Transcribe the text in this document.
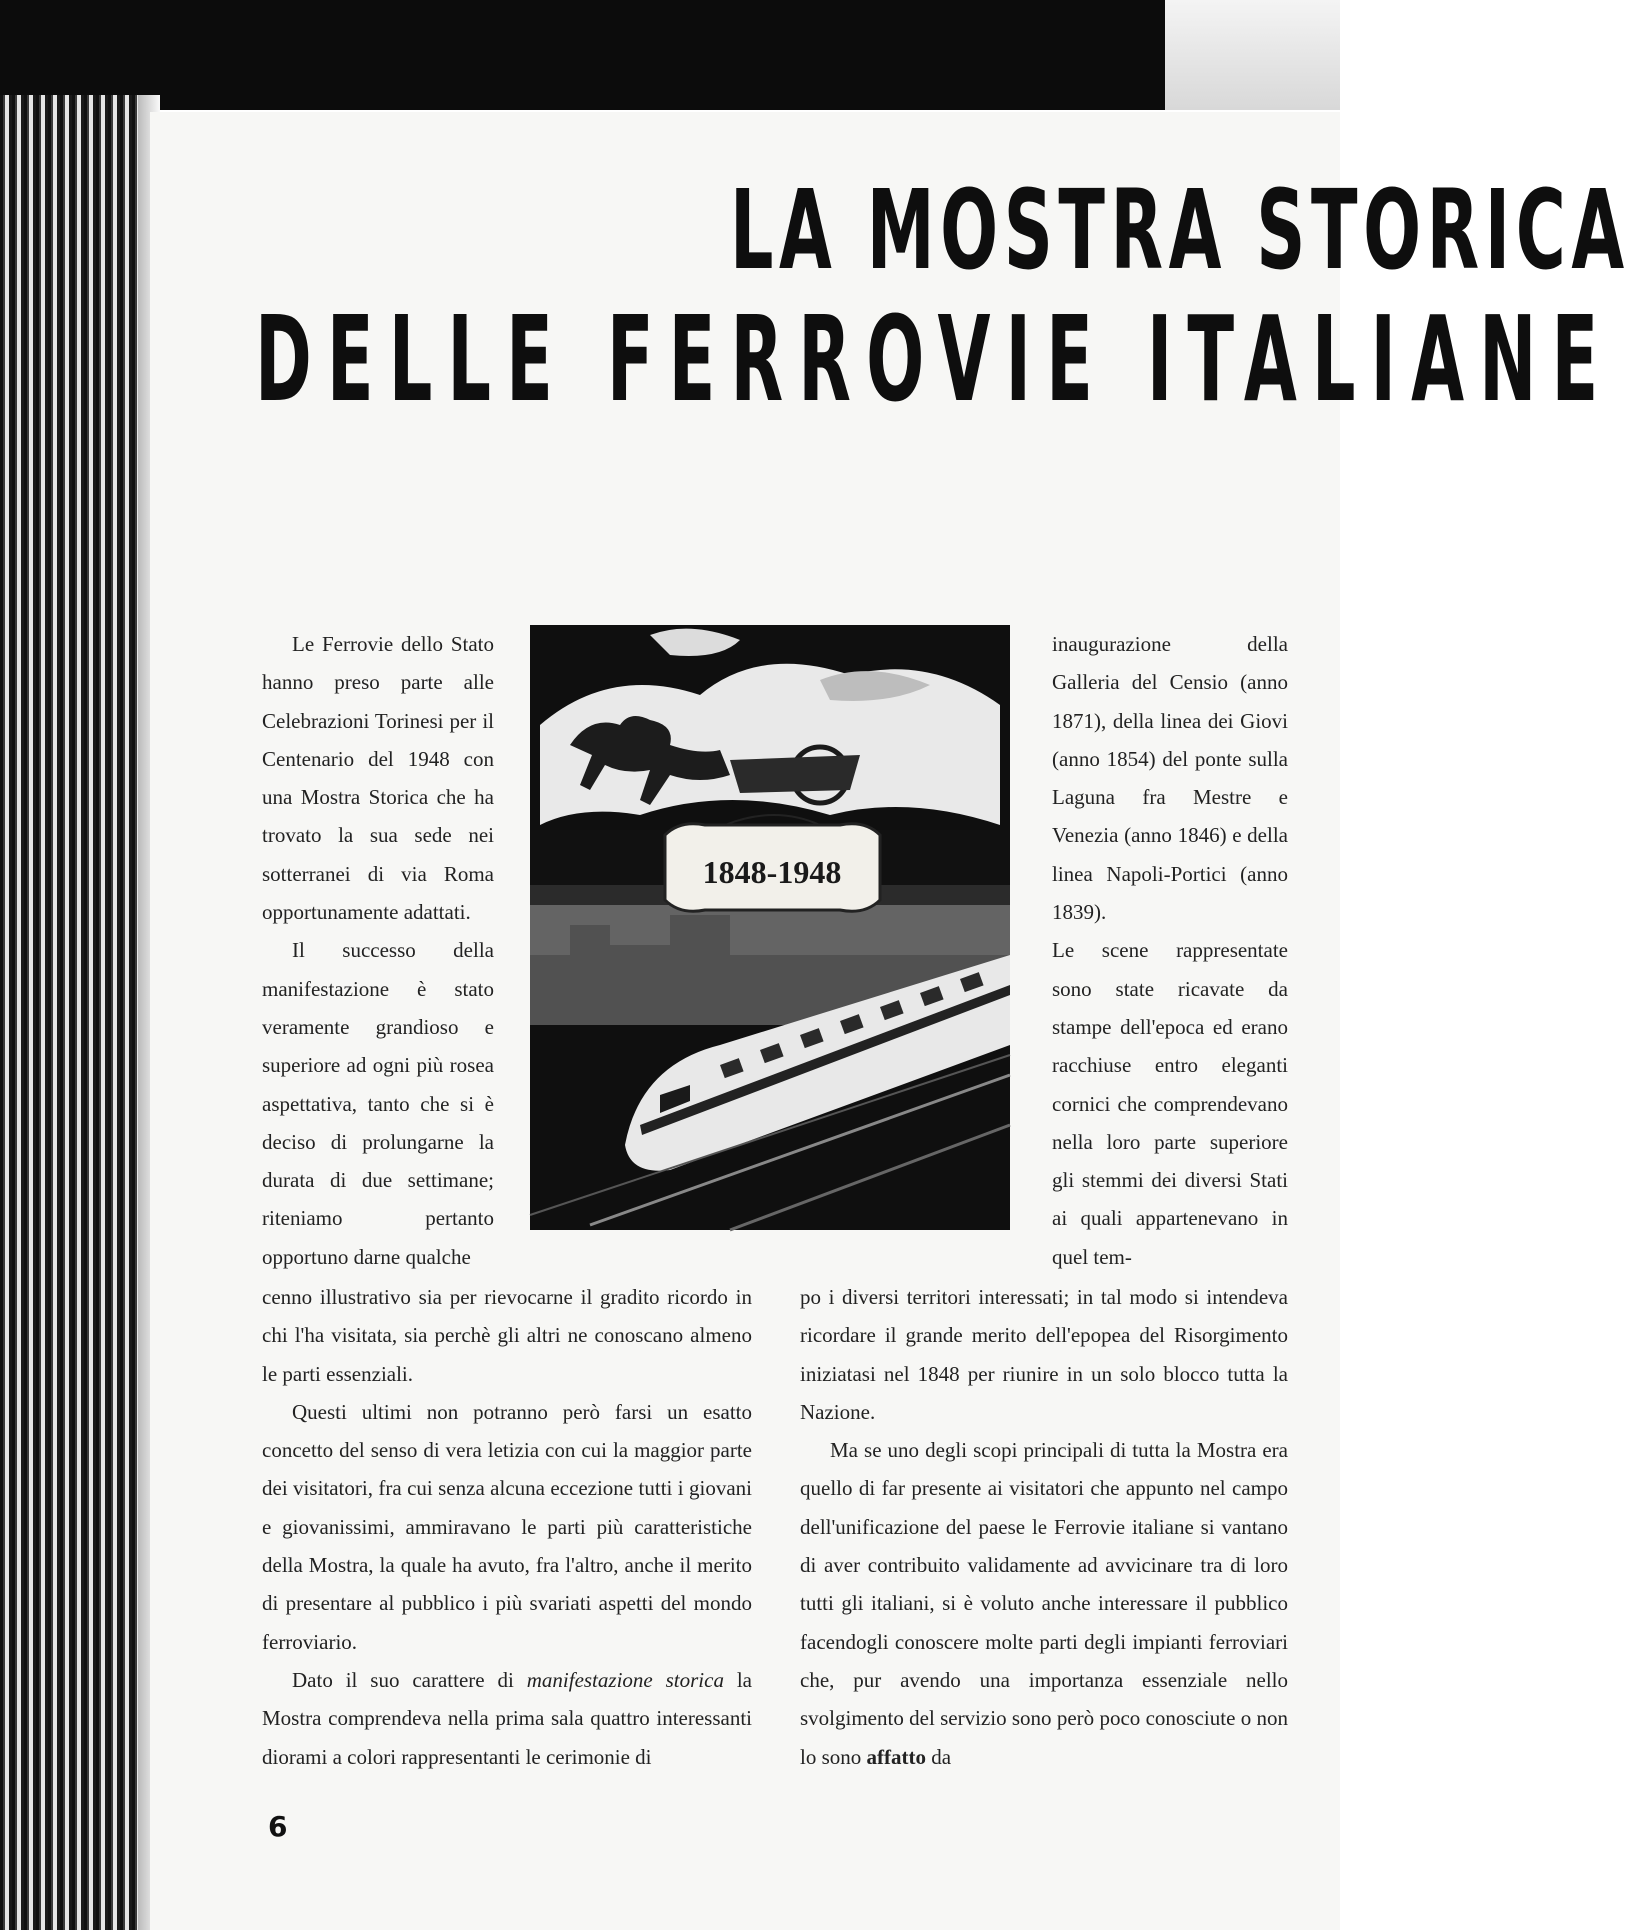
LA MOSTRA STORICA
DELLE FERROVIE ITALIANE

Le Ferrovie dello Stato hanno preso parte alle Celebrazioni Torinesi per il Centenario del 1948 con una Mostra Storica che ha trovato la sua sede nei sotterranei di via Roma opportunamente adattati.

Il successo della manifestazione è stato veramente grandioso e superiore ad ogni più rosea aspettativa, tanto che si è deciso di prolungarne la durata di due settimane; riteniamo pertanto opportuno darne qualche

1848-1948

inaugurazione della Galleria del Censio (anno 1871), della linea dei Giovi (anno 1854) del ponte sulla Laguna fra Mestre e Venezia (anno 1846) e della linea Napoli-Portici (anno 1839).

Le scene rappresentate sono state ricavate da stampe dell'epoca ed erano racchiuse entro eleganti cornici che comprendevano nella loro parte superiore gli stemmi dei diversi Stati ai quali appartenevano in quel tem-

cenno illustrativo sia per rievocarne il gradito ricordo in chi l'ha visitata, sia perchè gli altri ne conoscano almeno le parti essenziali.

Questi ultimi non potranno però farsi un esatto concetto del senso di vera letizia con cui la maggior parte dei visitatori, fra cui senza alcuna eccezione tutti i giovani e giovanissimi, ammiravano le parti più caratteristiche della Mostra, la quale ha avuto, fra l'altro, anche il merito di presentare al pubblico i più svariati aspetti del mondo ferroviario.

Dato il suo carattere di manifestazione storica la Mostra comprendeva nella prima sala quattro interessanti diorami a colori rappresentanti le cerimonie di

po i diversi territori interessati; in tal modo si intendeva ricordare il grande merito dell'epopea del Risorgimento iniziatasi nel 1848 per riunire in un solo blocco tutta la Nazione.

Ma se uno degli scopi principali di tutta la Mostra era quello di far presente ai visitatori che appunto nel campo dell'unificazione del paese le Ferrovie italiane si vantano di aver contribuito validamente ad avvicinare tra di loro tutti gli italiani, si è voluto anche interessare il pubblico facendogli conoscere molte parti degli impianti ferroviari che, pur avendo una importanza essenziale nello svolgimento del servizio sono però poco conosciute o non lo sono affatto da

6
